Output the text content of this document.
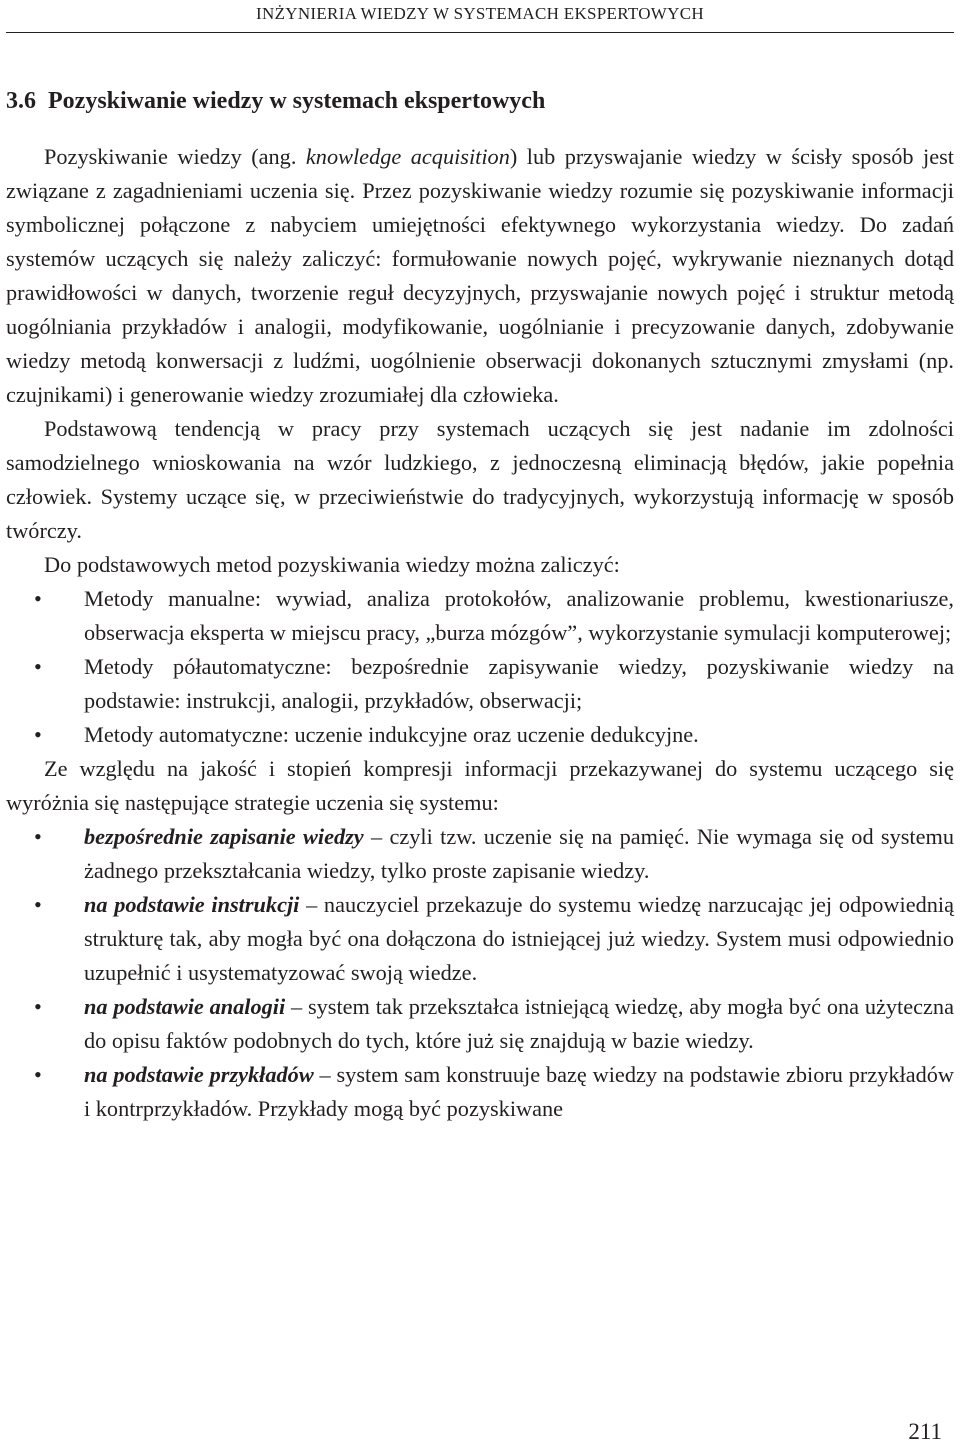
INŻYNIERIA WIEDZY W SYSTEMACH EKSPERTOWYCH
3.6 Pozyskiwanie wiedzy w systemach ekspertowych

Pozyskiwanie wiedzy (ang. knowledge acquisition) lub przyswajanie wiedzy w ścisły sposób jest związane z zagadnieniami uczenia się. Przez pozyskiwanie wiedzy rozumie się pozyskiwanie informacji symbolicznej połączone z nabyciem umiejętności efektywnego wykorzystania wiedzy. Do zadań systemów uczących się należy zaliczyć: formułowanie nowych pojęć, wykrywanie nieznanych dotąd prawidłowości w danych, tworzenie reguł decyzyjnych, przyswajanie nowych pojęć i struktur metodą uogólniania przykładów i analogii, modyfikowanie, uogólnianie i precyzowanie danych, zdobywanie wiedzy metodą konwersacji z ludźmi, uogólnienie obserwacji dokonanych sztucznymi zmysłami (np. czujnikami) i generowanie wiedzy zrozumiałej dla człowieka.

Podstawową tendencją w pracy przy systemach uczących się jest nadanie im zdolności samodzielnego wnioskowania na wzór ludzkiego, z jednoczesną eliminacją błędów, jakie popełnia człowiek. Systemy uczące się, w przeciwieństwie do tradycyjnych, wykorzystują informację w sposób twórczy.

Do podstawowych metod pozyskiwania wiedzy można zaliczyć:

• Metody manualne: wywiad, analiza protokołów, analizowanie problemu, kwestionariusze, obserwacja eksperta w miejscu pracy, „burza mózgów”, wykorzystanie symulacji komputerowej;
• Metody półautomatyczne: bezpośrednie zapisywanie wiedzy, pozyskiwanie wiedzy na podstawie: instrukcji, analogii, przykładów, obserwacji;
• Metody automatyczne: uczenie indukcyjne oraz uczenie dedukcyjne.

Ze względu na jakość i stopień kompresji informacji przekazywanej do systemu uczącego się wyróżnia się następujące strategie uczenia się systemu:

• bezpośrednie zapisanie wiedzy – czyli tzw. uczenie się na pamięć. Nie wymaga się od systemu żadnego przekształcania wiedzy, tylko proste zapisanie wiedzy.
• na podstawie instrukcji – nauczyciel przekazuje do systemu wiedzę narzucając jej odpowiednią strukturę tak, aby mogła być ona dołączona do istniejącej już wiedzy. System musi odpowiednio uzupełnić i usystematyzować swoją wiedze.
• na podstawie analogii – system tak przekształca istniejącą wiedzę, aby mogła być ona użyteczna do opisu faktów podobnych do tych, które już się znajdują w bazie wiedzy.
• na podstawie przykładów – system sam konstruuje bazę wiedzy na podstawie zbioru przykładów i kontrprzykładów. Przykłady mogą być pozyskiwane
211
